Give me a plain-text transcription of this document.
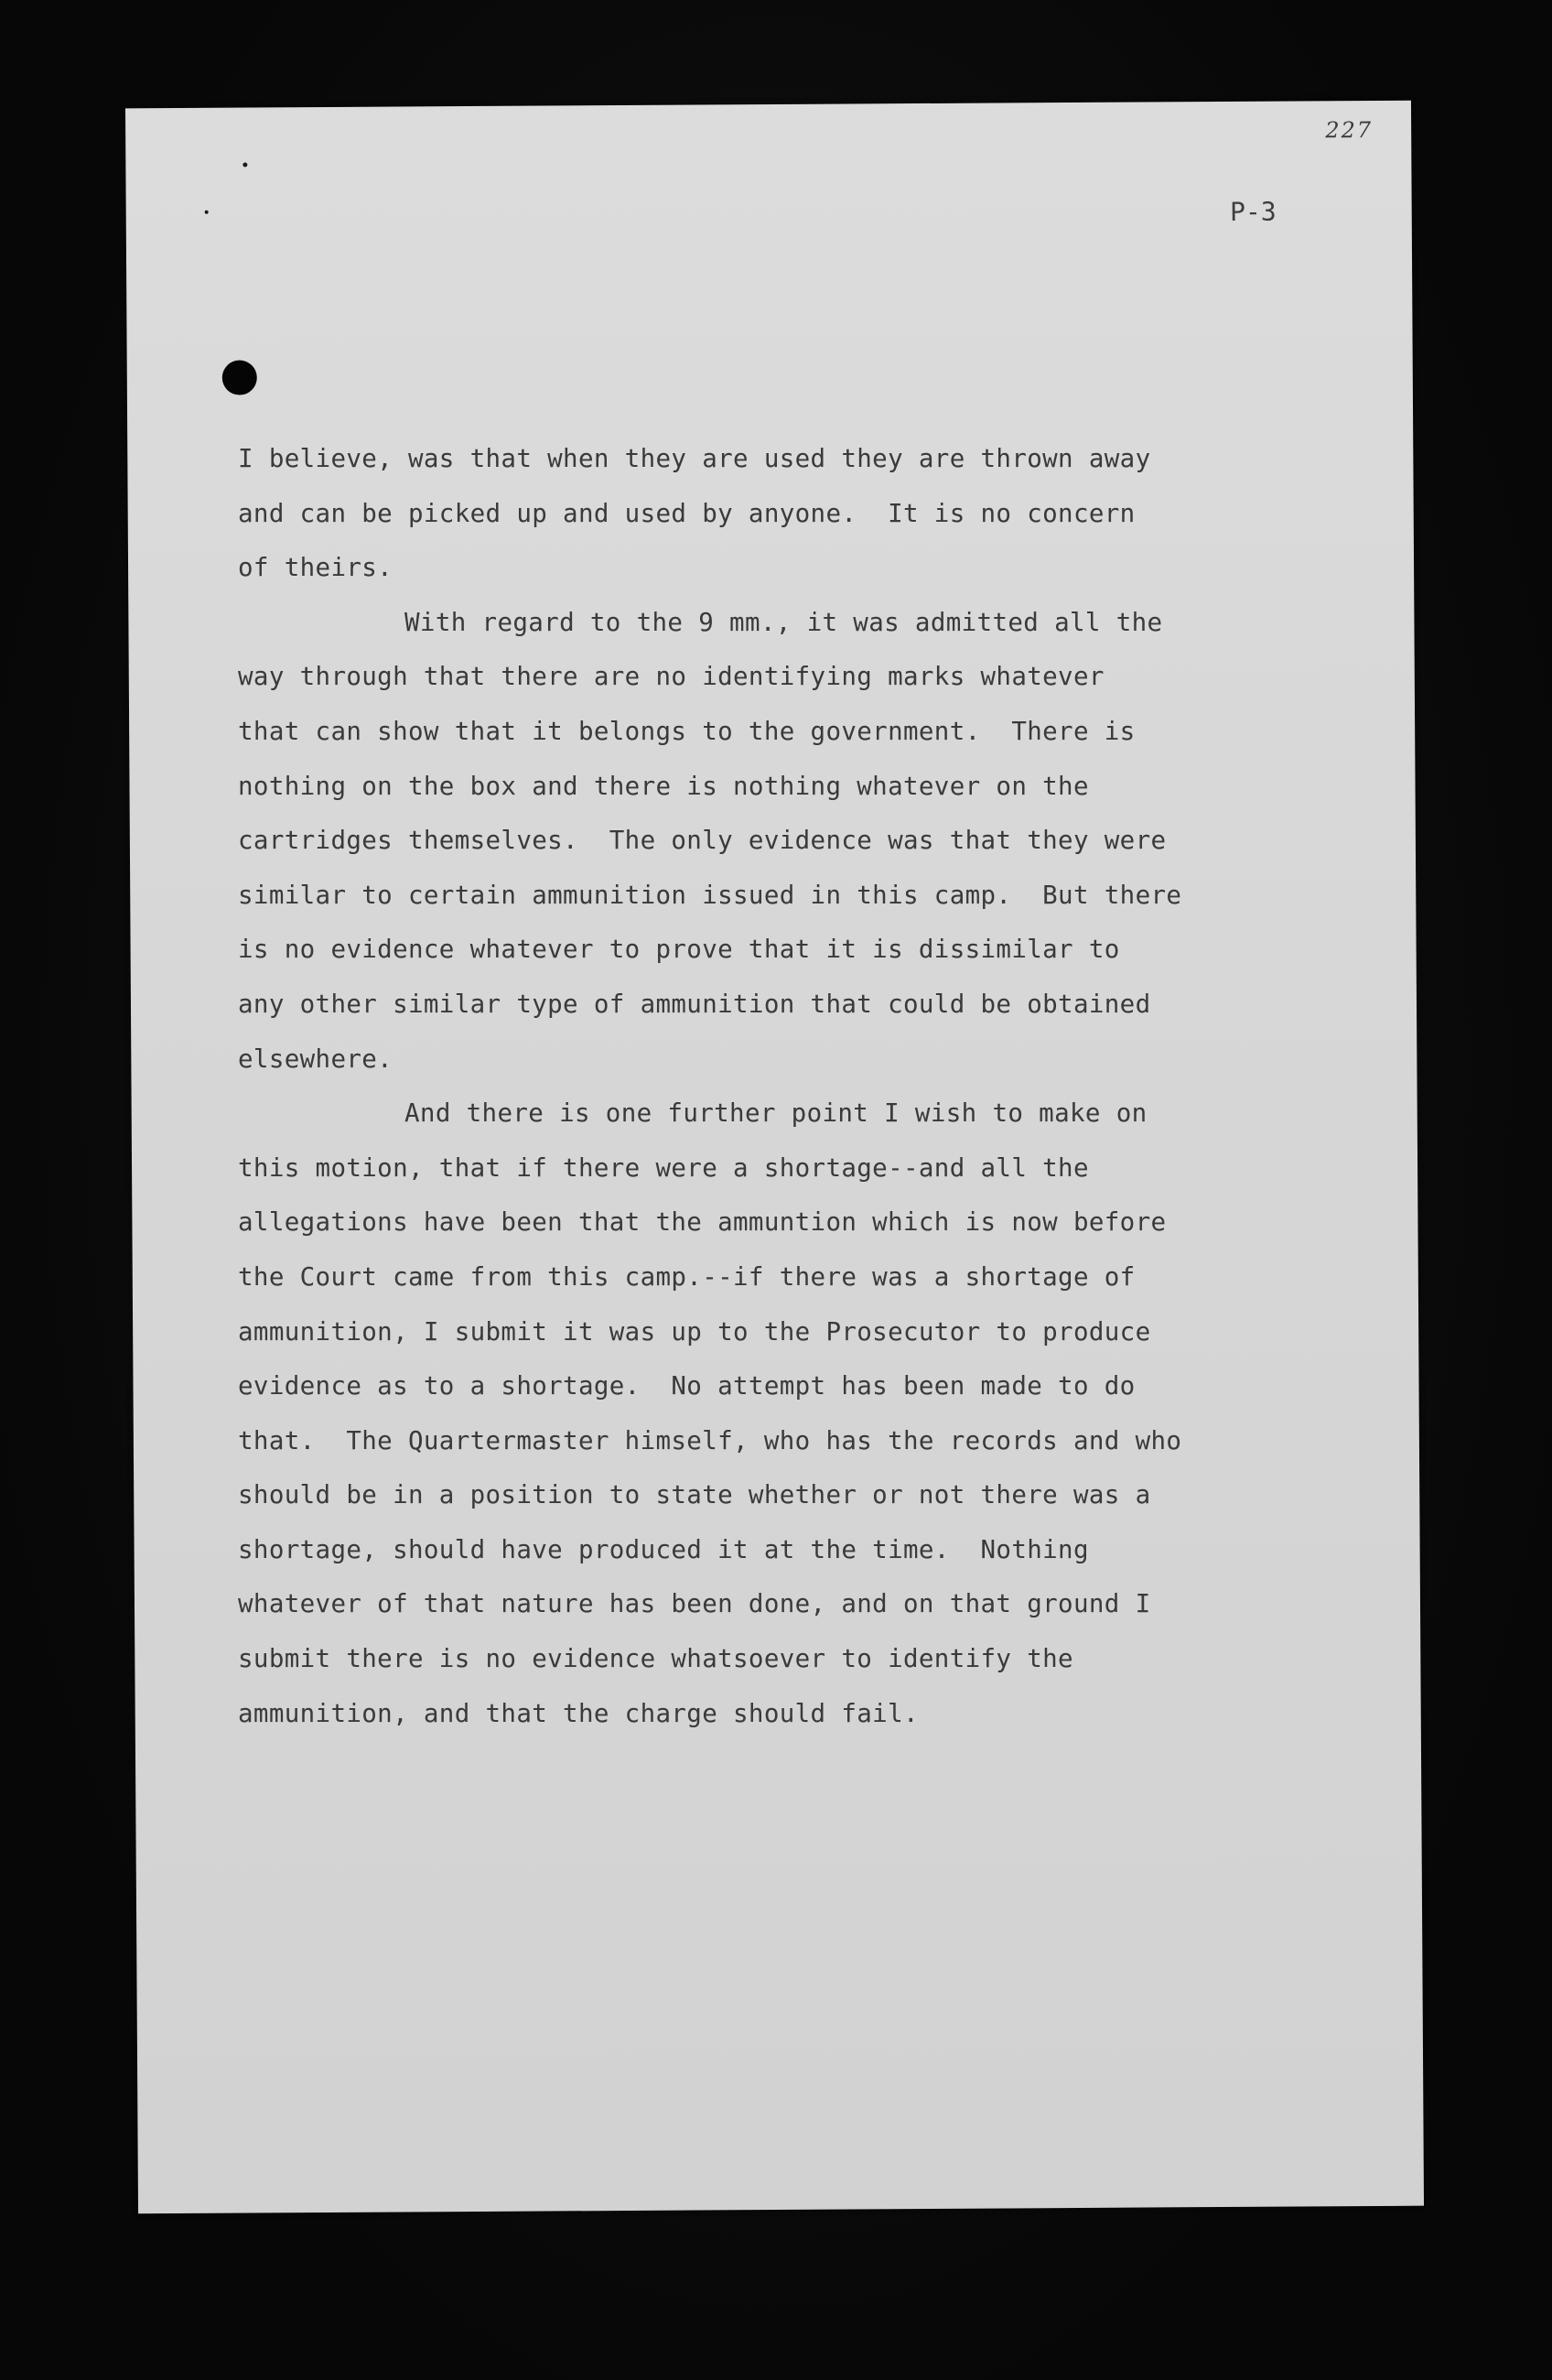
227
P-3
I believe, was that when they are used they are thrown away
and can be picked up and used by anyone.  It is no concern
of theirs.
With regard to the 9 mm., it was admitted all the
way through that there are no identifying marks whatever
that can show that it belongs to the government.  There is
nothing on the box and there is nothing whatever on the
cartridges themselves.  The only evidence was that they were
similar to certain ammunition issued in this camp.  But there
is no evidence whatever to prove that it is dissimilar to
any other similar type of ammunition that could be obtained
elsewhere.
And there is one further point I wish to make on
this motion, that if there were a shortage--and all the
allegations have been that the ammuntion which is now before
the Court came from this camp.--if there was a shortage of
ammunition, I submit it was up to the Prosecutor to produce
evidence as to a shortage.  No attempt has been made to do
that.  The Quartermaster himself, who has the records and who
should be in a position to state whether or not there was a
shortage, should have produced it at the time.  Nothing
whatever of that nature has been done, and on that ground I
submit there is no evidence whatsoever to identify the
ammunition, and that the charge should fail.
